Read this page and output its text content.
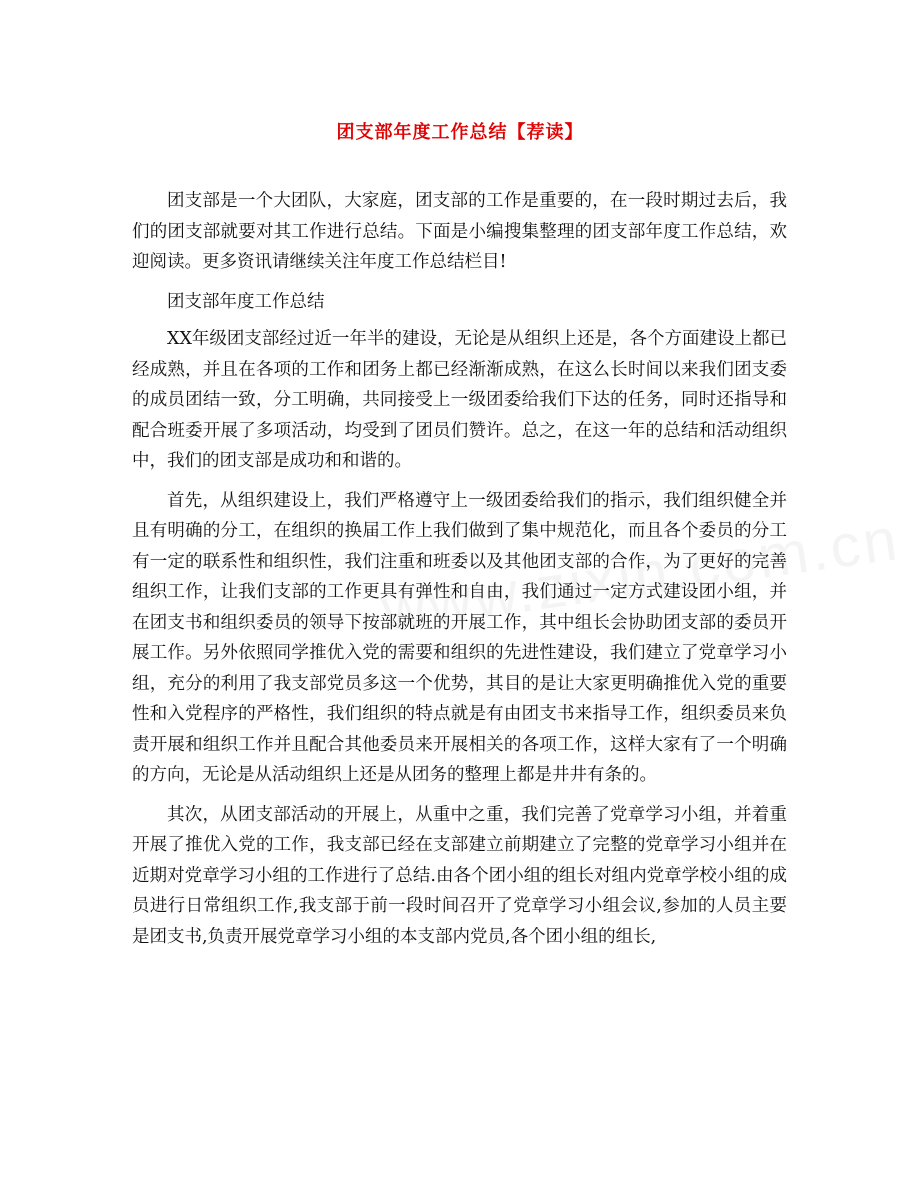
团支部年度工作总结【荐读】

团支部是一个大团队，大家庭，团支部的工作是重要的，在一段时期过去后，我们的团支部就要对其工作进行总结。下面是小编搜集整理的团支部年度工作总结，欢迎阅读。更多资讯请继续关注年度工作总结栏目!

团支部年度工作总结

XX年级团支部经过近一年半的建设，无论是从组织上还是，各个方面建设上都已经成熟，并且在各项的工作和团务上都已经渐渐成熟，在这么长时间以来我们团支委的成员团结一致，分工明确，共同接受上一级团委给我们下达的任务，同时还指导和配合班委开展了多项活动，均受到了团员们赞许。总之，在这一年的总结和活动组织中，我们的团支部是成功和和谐的。

首先，从组织建设上，我们严格遵守上一级团委给我们的指示，我们组织健全并且有明确的分工，在组织的换届工作上我们做到了集中规范化，而且各个委员的分工有一定的联系性和组织性，我们注重和班委以及其他团支部的合作，为了更好的完善组织工作，让我们支部的工作更具有弹性和自由，我们通过一定方式建设团小组，并在团支书和组织委员的领导下按部就班的开展工作，其中组长会协助团支部的委员开展工作。另外依照同学推优入党的需要和组织的先进性建设，我们建立了党章学习小组，充分的利用了我支部党员多这一个优势，其目的是让大家更明确推优入党的重要性和入党程序的严格性，我们组织的特点就是有由团支书来指导工作，组织委员来负责开展和组织工作并且配合其他委员来开展相关的各项工作，这样大家有了一个明确的方向，无论是从活动组织上还是从团务的整理上都是井井有条的。

其次，从团支部活动的开展上，从重中之重，我们完善了党章学习小组，并着重开展了推优入党的工作，我支部已经在支部建立前期建立了完整的党章学习小组并在近期对党章学习小组的工作进行了总结.由各个团小组的组长对组内党章学校小组的成员进行日常组织工作,我支部于前一段时间召开了党章学习小组会议,参加的人员主要是团支书,负责开展党章学习小组的本支部内党员,各个团小组的组长,
